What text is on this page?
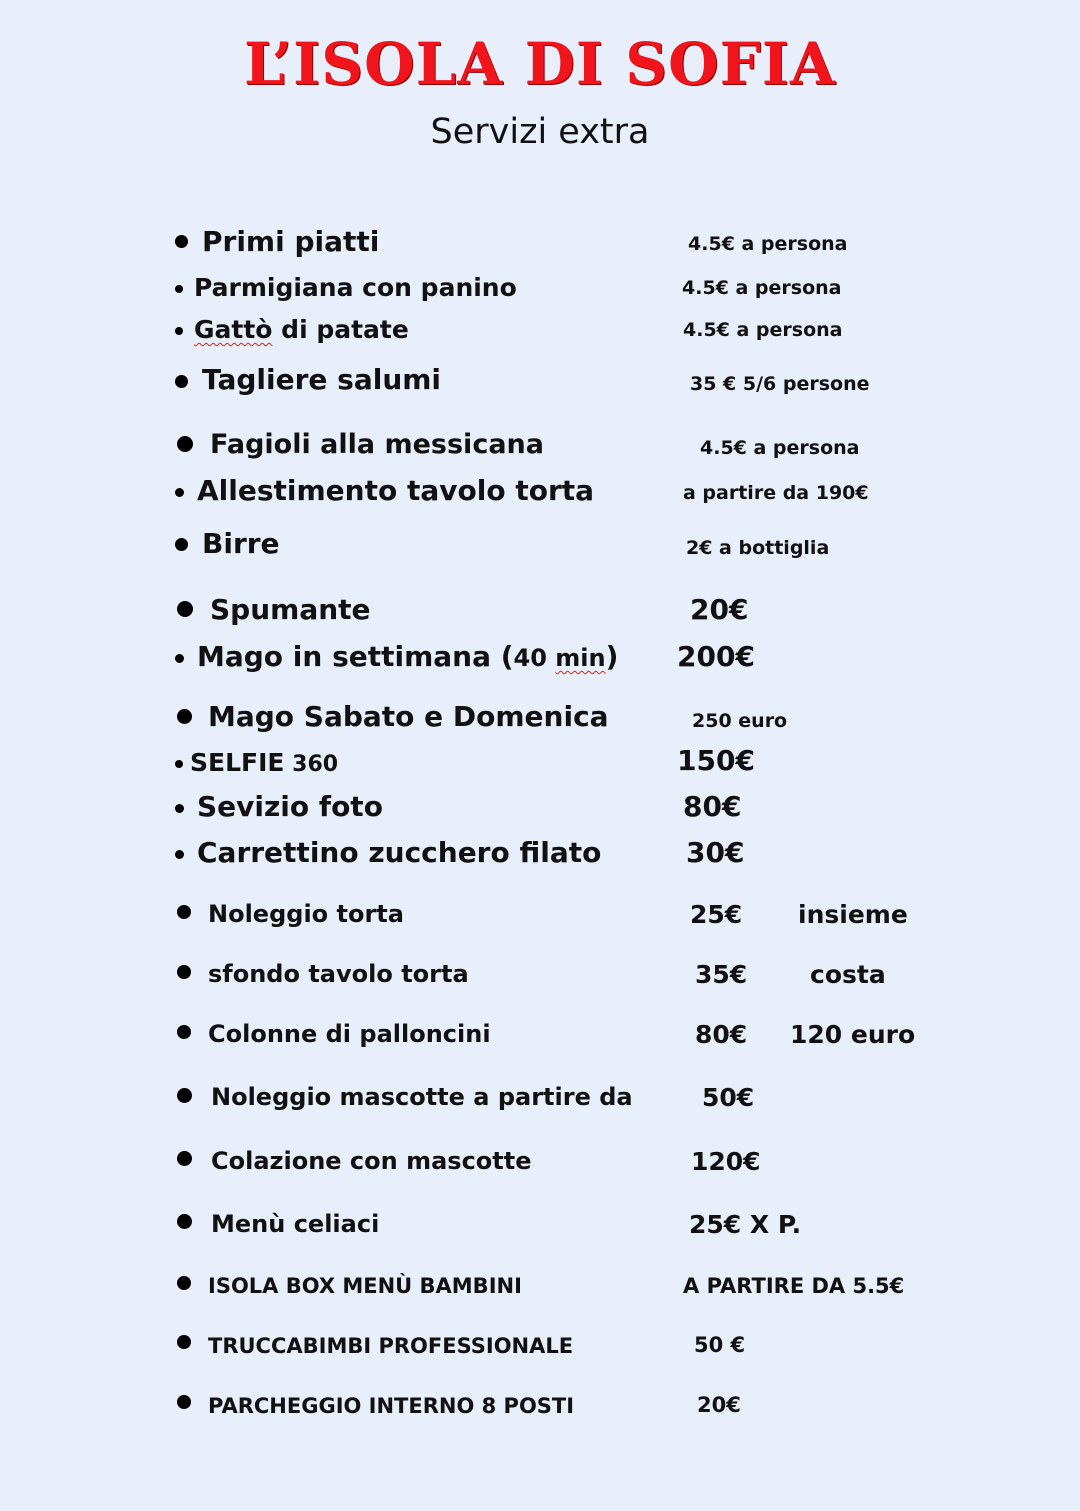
L’ISOLA DI SOFIA
Servizi extra
Primi piatti	4.5€ a persona
Parmigiana con panino	4.5€ a persona
Gattò di patate	4.5€ a persona
Tagliere salumi	35 € 5/6 persone
Fagioli alla messicana	4.5€ a persona
Allestimento tavolo torta	a partire da 190€
Birre	2€ a bottiglia
Spumante	20€
Mago in settimana (40 min) 200€
Mago Sabato e Domenica	250 euro
SELFIE 360	150€
Sevizio foto	80€
Carrettino zucchero filato	30€
Noleggio torta	25€ insieme
sfondo tavolo torta	35€	costa
Colonne di palloncini	80€ 120 euro
Noleggio mascotte a partire da	50€
Colazione con mascotte	120€
Menù celiaci	25€ X P.
ISOLA BOX MENÙ BAMBINI	A PARTIRE DA 5.5€
TRUCCABIMBI PROFESSIONALE	50 €
PARCHEGGIO INTERNO 8 POSTI	20€
